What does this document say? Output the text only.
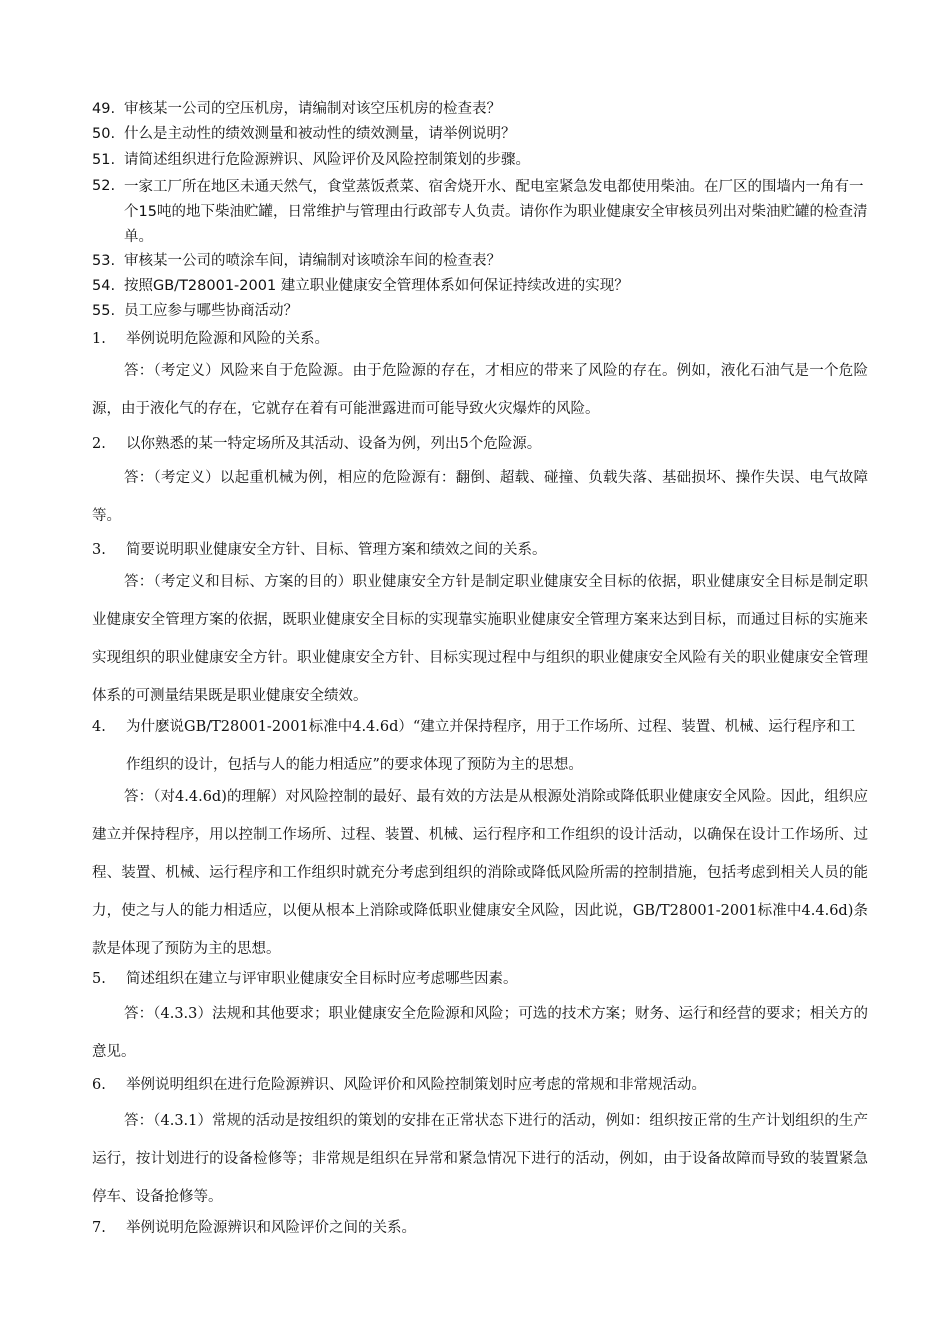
49. 审核某一公司的空压机房，请编制对该空压机房的检查表？
50. 什么是主动性的绩效测量和被动性的绩效测量，请举例说明？
51. 请简述组织进行危险源辨识、风险评价及风险控制策划的步骤。
52. 一家工厂所在地区未通天然气，食堂蒸饭煮菜、宿舍烧开水、配电室紧急发电都使用柴油。在厂区的围墙内一角有一个15吨的地下柴油贮罐，日常维护与管理由行政部专人负责。请你作为职业健康安全审核员列出对柴油贮罐的检查清单。
53. 审核某一公司的喷涂车间，请编制对该喷涂车间的检查表？
54. 按照GB/T28001-2001 建立职业健康安全管理体系如何保证持续改进的实现？
55. 员工应参与哪些协商活动？
1.	举例说明危险源和风险的关系。

答：（考定义）风险来自于危险源。由于危险源的存在，才相应的带来了风险的存在。例如，液化石油气是一个危险源，由于液化气的存在，它就存在着有可能泄露进而可能导致火灾爆炸的风险。

2.	以你熟悉的某一特定场所及其活动、设备为例，列出5个危险源。

答：（考定义）以起重机械为例，相应的危险源有：翻倒、超载、碰撞、负载失落、基础损坏、操作失误、电气故障等。

3.	简要说明职业健康安全方针、目标、管理方案和绩效之间的关系。

答：（考定义和目标、方案的目的）职业健康安全方针是制定职业健康安全目标的依据，职业健康安全目标是制定职业健康安全管理方案的依据，既职业健康安全目标的实现靠实施职业健康安全管理方案来达到目标，而通过目标的实施来实现组织的职业健康安全方针。职业健康安全方针、目标实现过程中与组织的职业健康安全风险有关的职业健康安全管理体系的可测量结果既是职业健康安全绩效。

4.	为什麽说GB/T28001-2001标准中4.4.6d）“建立并保持程序，用于工作场所、过程、装置、机械、运行程序和工作组织的设计，包括与人的能力相适应”的要求体现了预防为主的思想。

答：（对4.4.6d)的理解）对风险控制的最好、最有效的方法是从根源处消除或降低职业健康安全风险。因此，组织应建立并保持程序，用以控制工作场所、过程、装置、机械、运行程序和工作组织的设计活动，以确保在设计工作场所、过程、装置、机械、运行程序和工作组织时就充分考虑到组织的消除或降低风险所需的控制措施，包括考虑到相关人员的能力，使之与人的能力相适应，以便从根本上消除或降低职业健康安全风险，因此说，GB/T28001-2001标准中4.4.6d)条款是体现了预防为主的思想。

5.	简述组织在建立与评审职业健康安全目标时应考虑哪些因素。

答：（4.3.3）法规和其他要求；职业健康安全危险源和风险；可选的技术方案；财务、运行和经营的要求；相关方的意见。

6.	举例说明组织在进行危险源辨识、风险评价和风险控制策划时应考虑的常规和非常规活动。

答：（4.3.1）常规的活动是按组织的策划的安排在正常状态下进行的活动，例如：组织按正常的生产计划组织的生产运行，按计划进行的设备检修等；非常规是组织在异常和紧急情况下进行的活动，例如，由于设备故障而导致的装置紧急停车、设备抢修等。

7.	举例说明危险源辨识和风险评价之间的关系。
